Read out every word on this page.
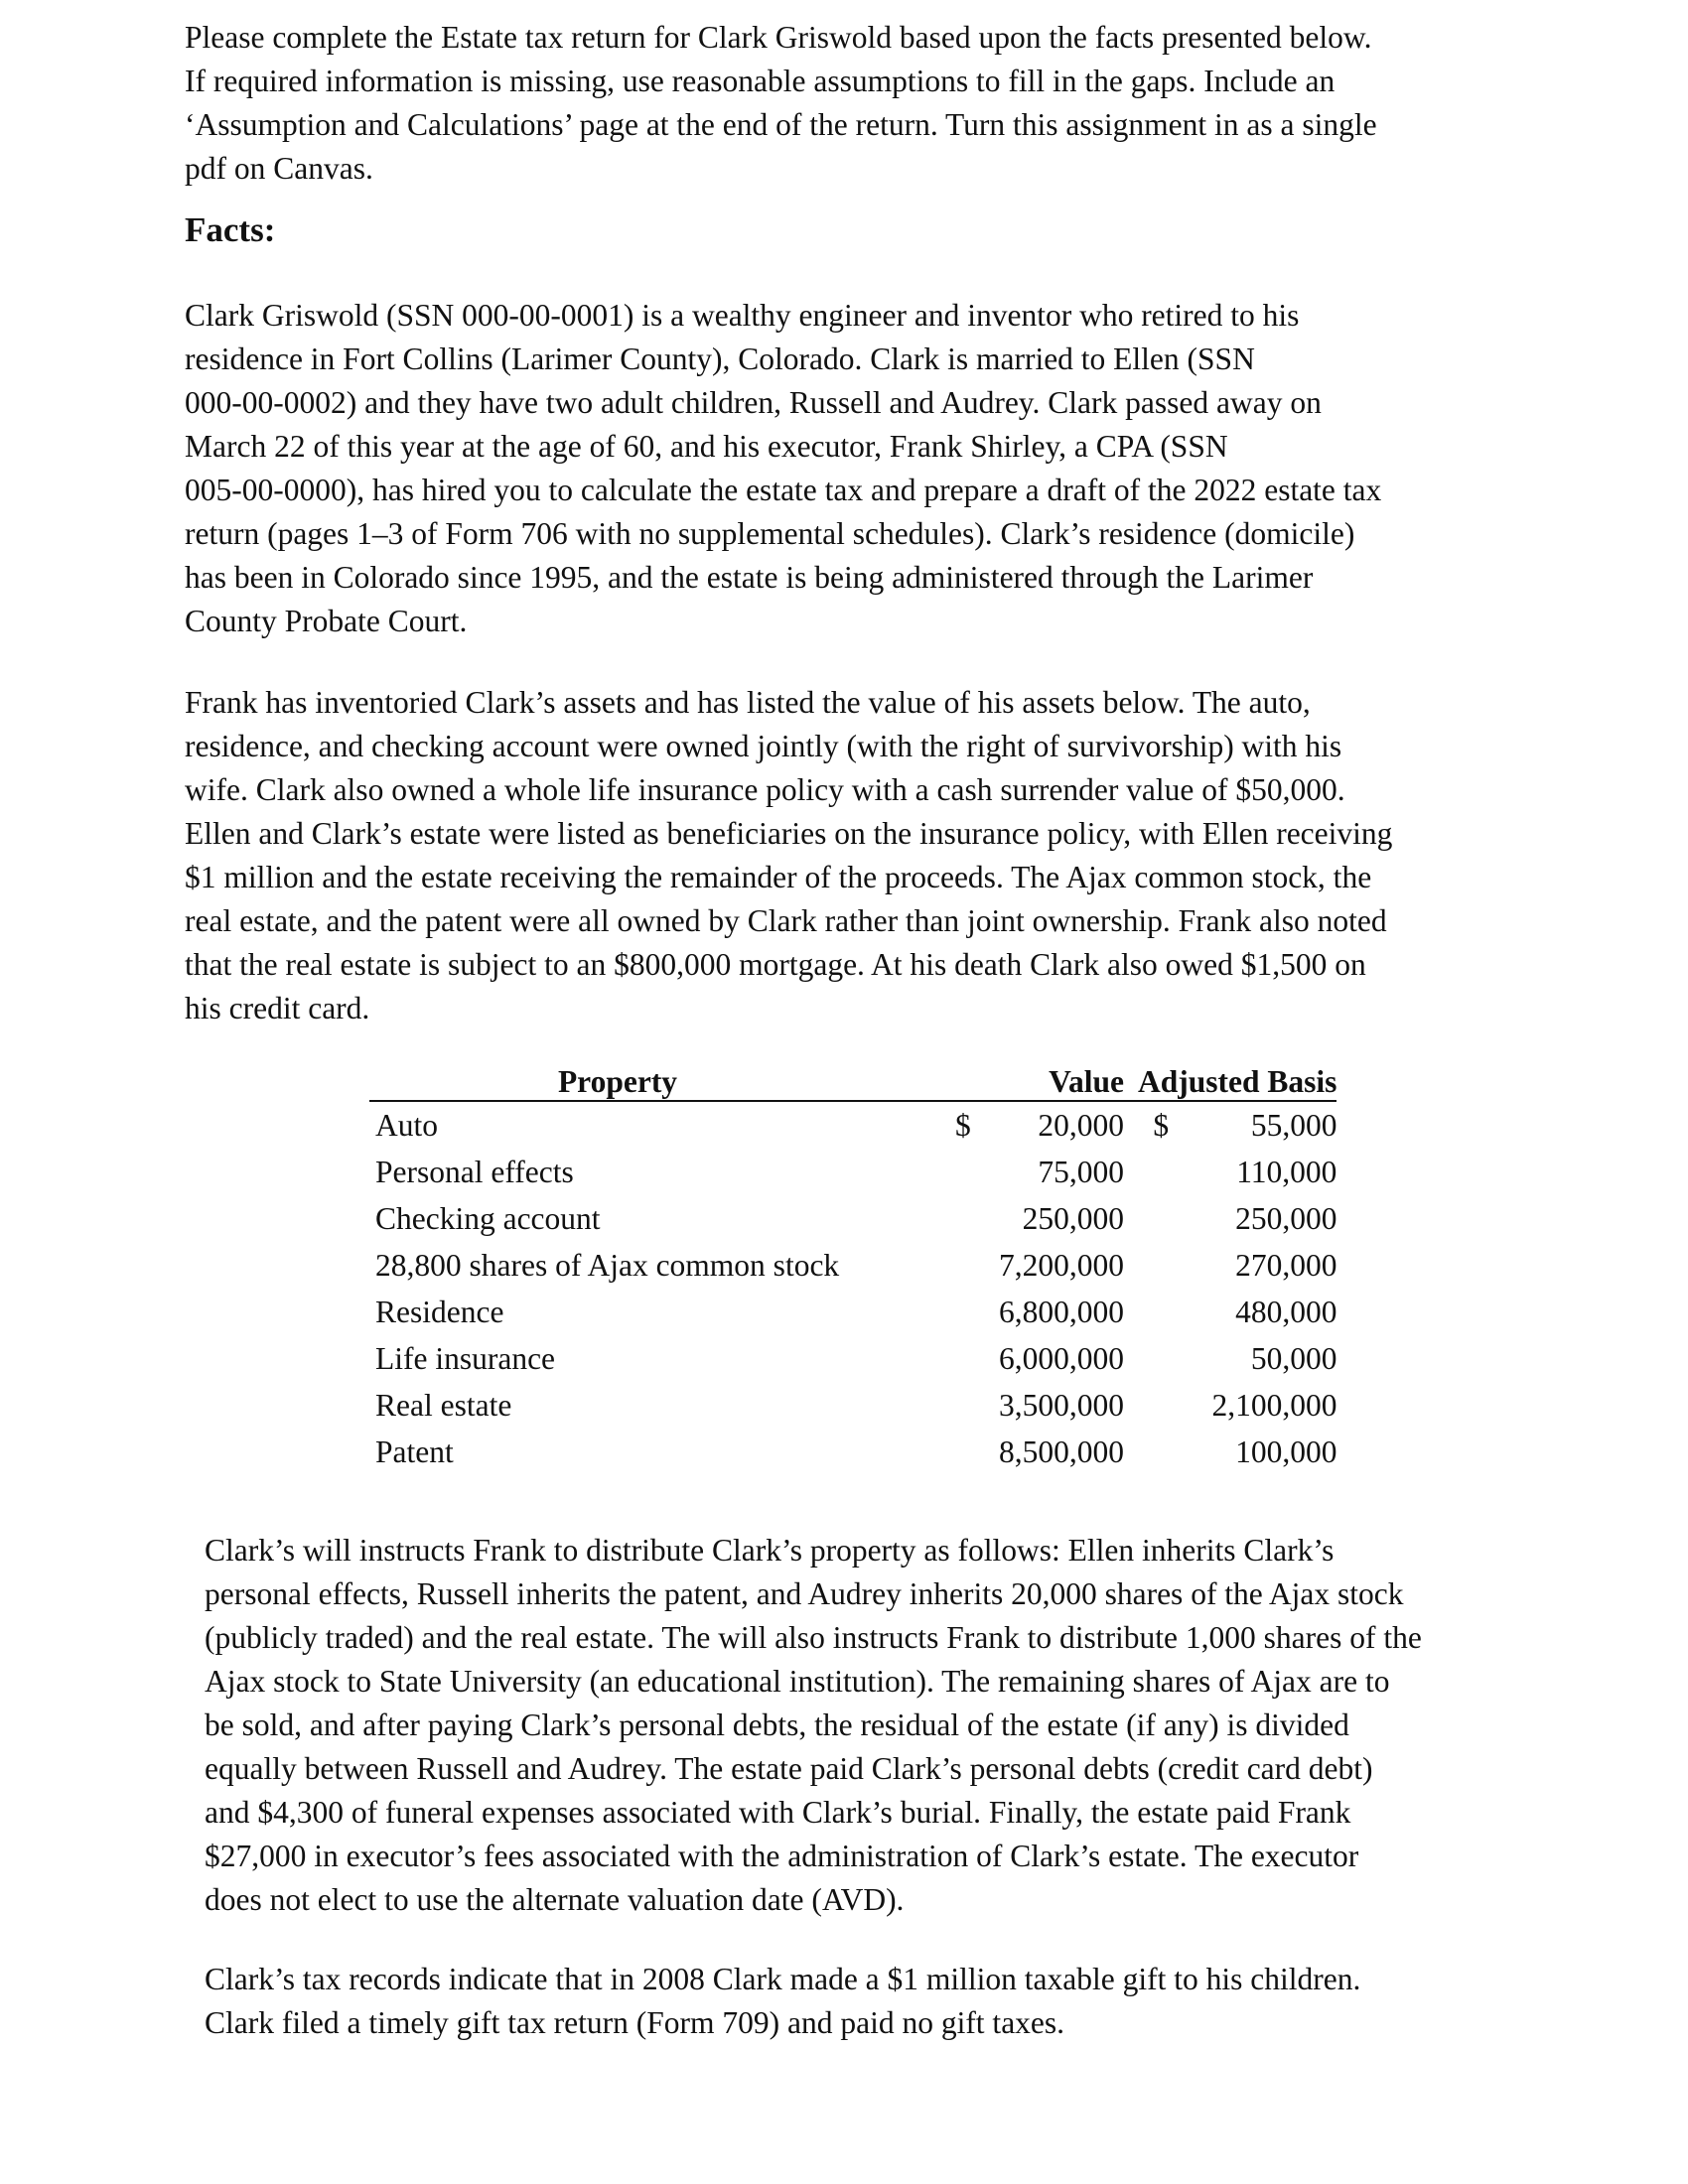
Please complete the Estate tax return for Clark Griswold based upon the facts presented below.
If required information is missing, use reasonable assumptions to fill in the gaps. Include an
‘Assumption and Calculations’ page at the end of the return. Turn this assignment in as a single
pdf on Canvas.

Facts:

Clark Griswold (SSN 000-00-0001) is a wealthy engineer and inventor who retired to his
residence in Fort Collins (Larimer County), Colorado. Clark is married to Ellen (SSN
000-00-0002) and they have two adult children, Russell and Audrey. Clark passed away on
March 22 of this year at the age of 60, and his executor, Frank Shirley, a CPA (SSN
005-00-0000), has hired you to calculate the estate tax and prepare a draft of the 2022 estate tax
return (pages 1–3 of Form 706 with no supplemental schedules). Clark’s residence (domicile)
has been in Colorado since 1995, and the estate is being administered through the Larimer
County Probate Court.

Frank has inventoried Clark’s assets and has listed the value of his assets below. The auto,
residence, and checking account were owned jointly (with the right of survivorship) with his
wife. Clark also owned a whole life insurance policy with a cash surrender value of $50,000.
Ellen and Clark’s estate were listed as beneficiaries on the insurance policy, with Ellen receiving
$1 million and the estate receiving the remainder of the proceeds. The Ajax common stock, the
real estate, and the patent were all owned by Clark rather than joint ownership. Frank also noted
that the real estate is subject to an $800,000 mortgage. At his death Clark also owed $1,500 on
his credit card.

Property		Value	Adjusted Basis	
Auto	$	20,000	$	55,000
Personal effects		75,000		110,000
Checking account		250,000		250,000
28,800 shares of Ajax common stock		7,200,000		270,000
Residence		6,800,000		480,000
Life insurance		6,000,000		50,000
Real estate		3,500,000		2,100,000
Patent		8,500,000		100,000

Clark’s will instructs Frank to distribute Clark’s property as follows: Ellen inherits Clark’s
personal effects, Russell inherits the patent, and Audrey inherits 20,000 shares of the Ajax stock
(publicly traded) and the real estate. The will also instructs Frank to distribute 1,000 shares of the
Ajax stock to State University (an educational institution). The remaining shares of Ajax are to
be sold, and after paying Clark’s personal debts, the residual of the estate (if any) is divided
equally between Russell and Audrey. The estate paid Clark’s personal debts (credit card debt)
and $4,300 of funeral expenses associated with Clark’s burial. Finally, the estate paid Frank
$27,000 in executor’s fees associated with the administration of Clark’s estate. The executor
does not elect to use the alternate valuation date (AVD).

Clark’s tax records indicate that in 2008 Clark made a $1 million taxable gift to his children.
Clark filed a timely gift tax return (Form 709) and paid no gift taxes.
